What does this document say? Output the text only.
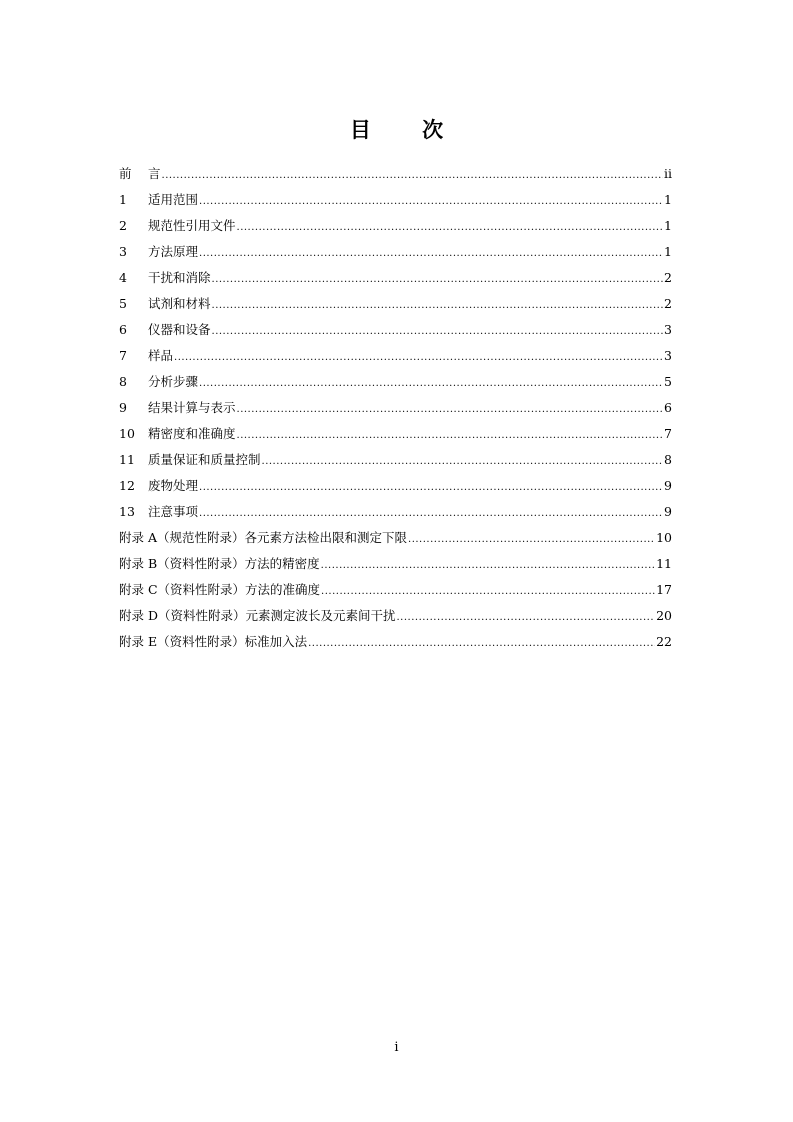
目 次
前	言 .....	ii
1	适用范围 .....	1
2	规范性引用文件 .....	1
3	方法原理 .....	1
4	干扰和消除 .....	2
5	试剂和材料 .....	2
6	仪器和设备 .....	3
7	样品 .....	3
8	分析步骤 .....	5
9	结果计算与表示 .....	6
10	精密度和准确度 .....	7
11	质量保证和质量控制 .....	8
12	废物处理 .....	9
13	注意事项 .....	9
附录 A（规范性附录）各元素方法检出限和测定下限 .....	10
附录 B（资料性附录）方法的精密度 .....	11
附录 C（资料性附录）方法的准确度 .....	17
附录 D（资料性附录）元素测定波长及元素间干扰 .....	20
附录 E（资料性附录）标准加入法 .....	22
i
